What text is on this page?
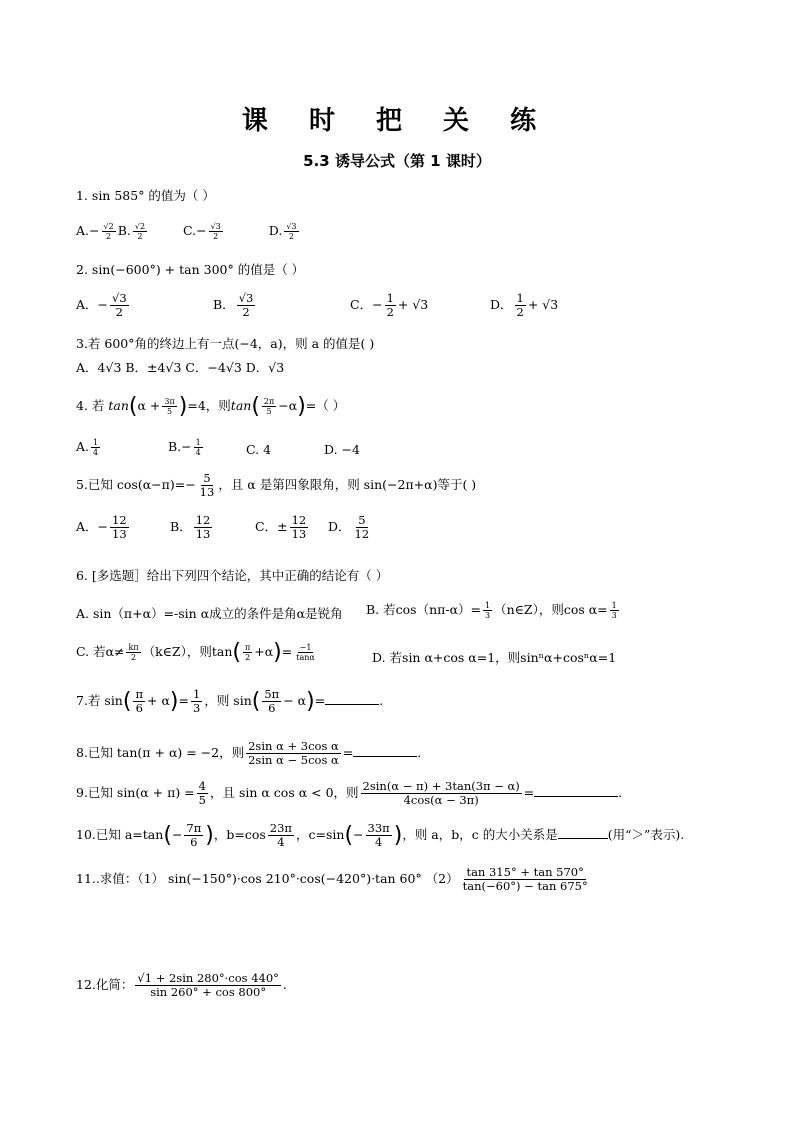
课 时 把 关 练
5.3 诱导公式（第 1 课时）
1. sin 585° 的值为（ ）
$A.- \frac{√2}{2} B$. $\frac{√2}{2}$	$C.- \frac{√3}{2}$	D. $\frac{√3}{2}$
2. sin(−600°) + tan 300° 的值是（ ）
A．− $\frac{√3}{2}$	B． $\frac{√3}{2}$	C．− $\frac{1}{2} + √3$	D． $\frac{1}{2} + √3$
3.若 600°角的终边上有一点(−4，a)，则 a 的值是( )
A．4√3 B．±4√3 C．−4√3 D．√3
4. 若 $\tan(\alpha + \frac{3\pi}{5} )=4$，则$\tan( \frac{2\pi}{5} -\alpha)=$（ ）
A. $\frac{1}{4}$	$B.- \frac{1}{4}$	C. 4	D. −4
5.已知 $\cos(\alpha-\pi)=- \frac{5}{13}$ ，且 α 是第四象限角，则 sin(−2π+α)等于( )
A．− $\frac{12}{13}$	B． $\frac{12}{13}$	C．± $\frac{12}{13}$ D． $\frac{5}{12}$
6. [多选题］给出下列四个结论，其中正确的结论有（ ）
A. sin（π+α）=-sin α成立的条件是角α是锐角 B. 若$\cos(n\pi-\alpha)= \frac{1}{3}$ （n∈Z），则$\cos \alpha= \frac{1}{3}$
C. 若$\alpha\ne \frac{k\pi}{2}$ （k∈Z），则$\tan( \frac{\pi}{2} +\alpha)= \frac{-1}{\tan\alpha}$	D. 若sin α+cos α=1，则sinⁿα+cosⁿα=1
7.若 $\sin( \frac{\pi}{6} + \alpha)= \frac{1}{3}$ ，则 $\sin( \frac{5\pi}{6} - \alpha)=$	.
8.已知 tan(π + α) = −2，则 $\frac{\text{2sin α + 3cos α}}{\text{2sin α − 5cos α}}$ =	.
9.已知 $\sin(\alpha + \pi) = \frac{4}{5}$ ，且 sin α cos α < 0，则 $\frac{2\sin(\alpha - \pi) + 3\tan(3\pi - \alpha)}{4\cos(\alpha - 3\pi)}$ =	.
10.已知 $a=\tan(- \frac{7\pi}{6}$ )，$b=\cos \frac{23\pi}{4}$ ，$c=\sin(- \frac{33\pi}{4}$ )，则 a，b，c 的大小关系是	(用“＞”表示).
11..求值：（1） sin(−150°)·cos 210°·cos(−420°)·tan 60° $(2) \frac{\tan 315^\circ + \tan 570^\circ}{\tan(-60^\circ) - \tan 675^\circ}$
12.化简： $\frac{√1 + 2\sin 280^\circ\cdot\cos 440^\circ}{\sin 260^\circ + \cos 800^\circ}$ .
